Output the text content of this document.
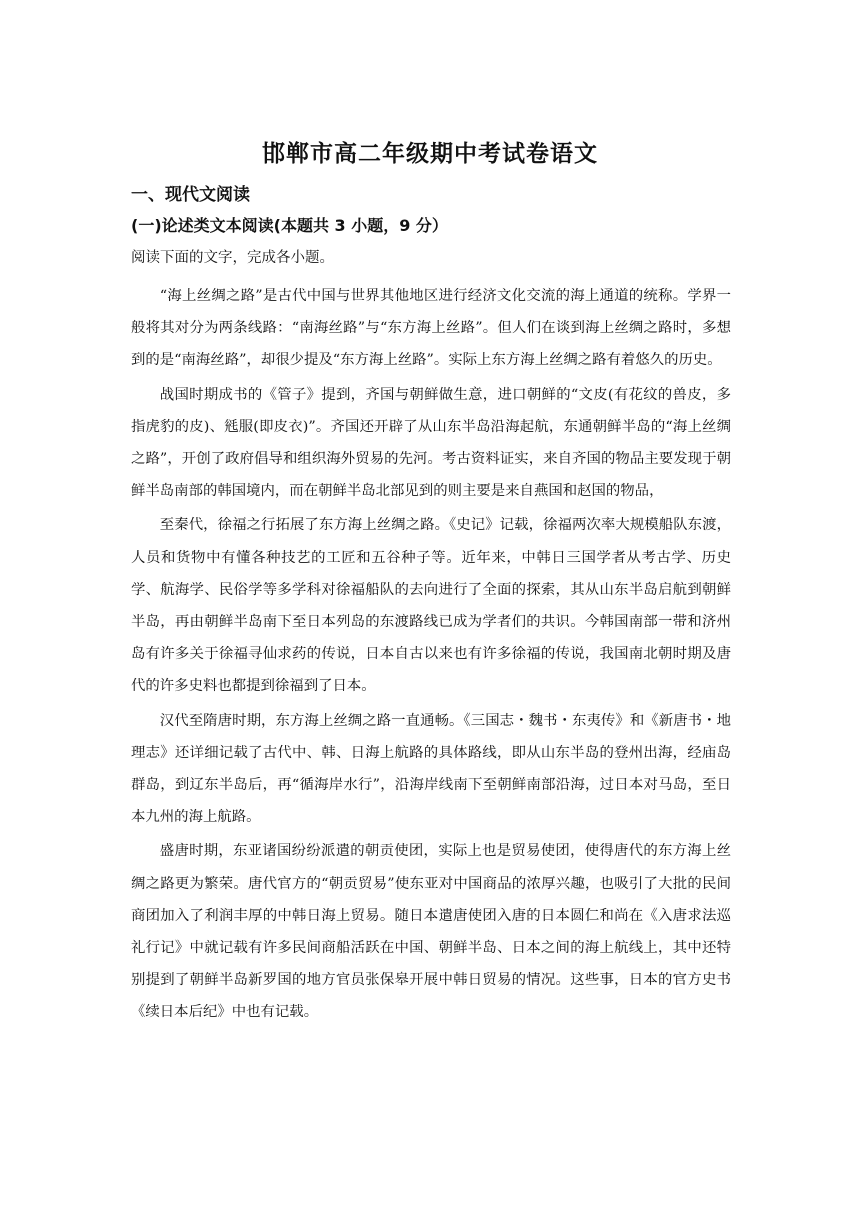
邯郸市高二年级期中考试卷语文
一、现代文阅读
(一)论述类文本阅读(本题共 3 小题，9 分）
阅读下面的文字，完成各小题。

“海上丝绸之路”是古代中国与世界其他地区进行经济文化交流的海上通道的统称。学界一般将其对分为两条线路：“南海丝路”与“东方海上丝路”。但人们在谈到海上丝绸之路时，多想到的是“南海丝路”，却很少提及“东方海上丝路”。实际上东方海上丝绸之路有着悠久的历史。

战国时期成书的《管子》提到，齐国与朝鲜做生意，进口朝鲜的“文皮(有花纹的兽皮，多指虎豹的皮)、毤服(即皮衣)”。齐国还开辟了从山东半岛沿海起航，东通朝鲜半岛的“海上丝绸之路”，开创了政府倡导和组织海外贸易的先河。考古资料证实，来自齐国的物品主要发现于朝鲜半岛南部的韩国境内，而在朝鲜半岛北部见到的则主要是来自燕国和赵国的物品，

至秦代，徐福之行拓展了东方海上丝绸之路。《史记》记载，徐福两次率大规模船队东渡，人员和货物中有懂各种技艺的工匠和五谷种子等。近年来，中韩日三国学者从考古学、历史学、航海学、民俗学等多学科对徐福船队的去向进行了全面的探索，其从山东半岛启航到朝鲜半岛，再由朝鲜半岛南下至日本列岛的东渡路线已成为学者们的共识。今韩国南部一带和济州岛有许多关于徐福寻仙求药的传说，日本自古以来也有许多徐福的传说，我国南北朝时期及唐代的许多史料也都提到徐福到了日本。

汉代至隋唐时期，东方海上丝绸之路一直通畅。《三国志・魏书・东夷传》和《新唐书・地理志》还详细记载了古代中、韩、日海上航路的具体路线，即从山东半岛的登州出海，经庙岛群岛，到辽东半岛后，再“循海岸水行”，沿海岸线南下至朝鲜南部沿海，过日本对马岛，至日本九州的海上航路。

盛唐时期，东亚诸国纷纷派遣的朝贡使团，实际上也是贸易使团，使得唐代的东方海上丝绸之路更为繁荣。唐代官方的“朝贡贸易”使东亚对中国商品的浓厚兴趣，也吸引了大批的民间商团加入了利润丰厚的中韩日海上贸易。随日本遣唐使团入唐的日本圆仁和尚在《入唐求法巡礼行记》中就记载有许多民间商船活跃在中国、朝鲜半岛、日本之间的海上航线上，其中还特别提到了朝鲜半岛新罗国的地方官员张保皋开展中韩日贸易的情况。这些事，日本的官方史书《续日本后纪》中也有记载。
